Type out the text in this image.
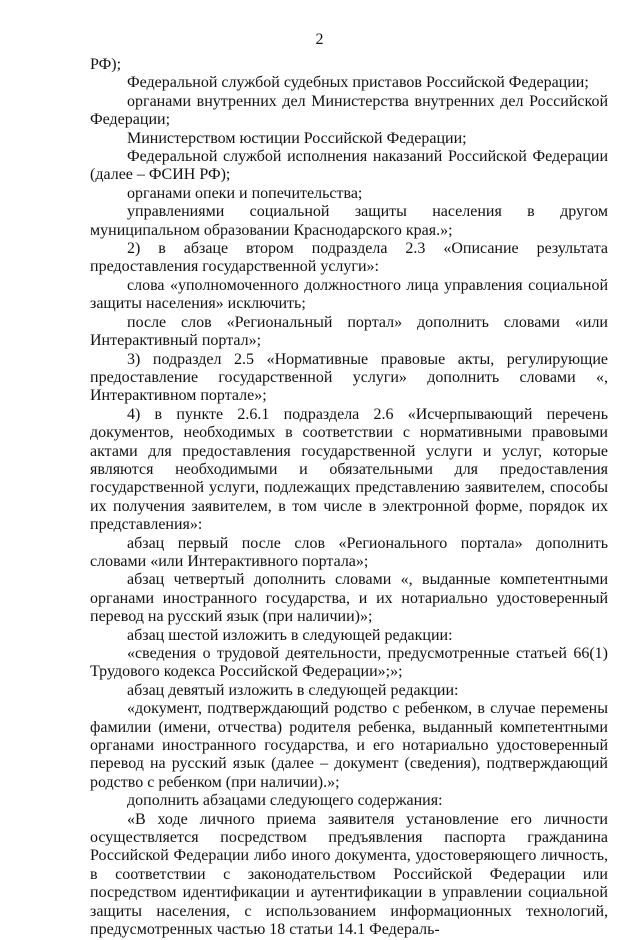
2

РФ);

Федеральной службой судебных приставов Российской Федерации;

органами внутренних дел Министерства внутренних дел Российской Федерации;

Министерством юстиции Российской Федерации;

Федеральной службой исполнения наказаний Российской Федерации (далее – ФСИН РФ);

органами опеки и попечительства;

управлениями социальной защиты населения в другом муниципальном образовании Краснодарского края.»;

2) в абзаце втором подраздела 2.3 «Описание результата предоставления государственной услуги»:

слова «уполномоченного должностного лица управления социальной защиты населения» исключить;

после слов «Региональный портал» дополнить словами «или Интерактивный портал»;

3) подраздел 2.5 «Нормативные правовые акты, регулирующие предоставление государственной услуги» дополнить словами «, Интерактивном портале»;

4) в пункте 2.6.1 подраздела 2.6 «Исчерпывающий перечень документов, необходимых в соответствии с нормативными правовыми актами для предоставления государственной услуги и услуг, которые являются необходимыми и обязательными для предоставления государственной услуги, подлежащих представлению заявителем, способы их получения заявителем, в том числе в электронной форме, порядок их представления»:

абзац первый после слов «Регионального портала» дополнить словами «или Интерактивного портала»;

абзац четвертый дополнить словами «, выданные компетентными органами иностранного государства, и их нотариально удостоверенный перевод на русский язык (при наличии)»;

абзац шестой изложить в следующей редакции:

«сведения о трудовой деятельности, предусмотренные статьей 66(1) Трудового кодекса Российской Федерации»;»;

абзац девятый изложить в следующей редакции:

«документ, подтверждающий родство с ребенком, в случае перемены фамилии (имени, отчества) родителя ребенка, выданный компетентными органами иностранного государства, и его нотариально удостоверенный перевод на русский язык (далее – документ (сведения), подтверждающий родство с ребенком (при наличии).»;

дополнить абзацами следующего содержания:

«В ходе личного приема заявителя установление его личности осуществляется посредством предъявления паспорта гражданина Российской Федерации либо иного документа, удостоверяющего личность, в соответствии с законодательством Российской Федерации или посредством идентификации и аутентификации в управлении социальной защиты населения, с использованием информационных технологий, предусмотренных частью 18 статьи 14.1 Федераль-
